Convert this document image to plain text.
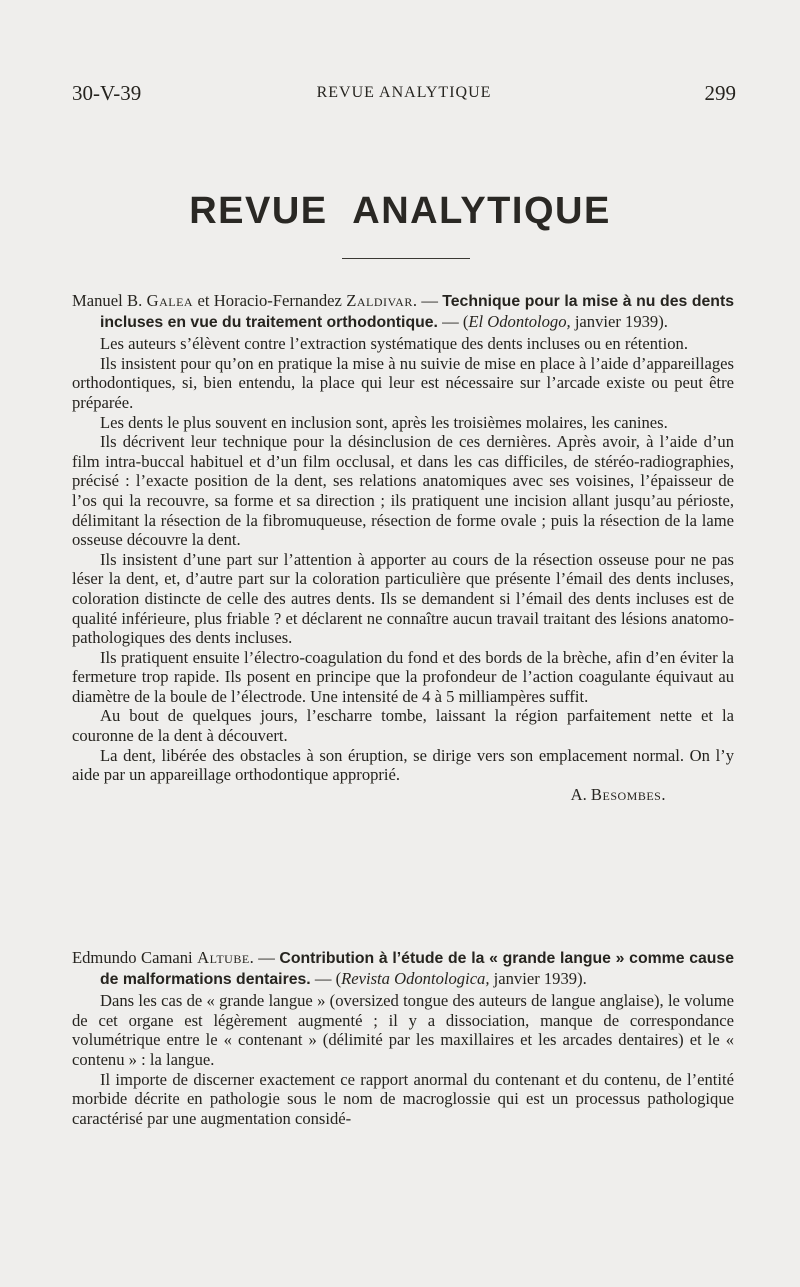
30-V-39	REVUE ANALYTIQUE	299
REVUE ANALYTIQUE

Manuel B. Galea et Horacio-Fernandez Zaldivar. — Technique pour la mise à nu des dents incluses en vue du traitement orthodontique. — (El Odontologo, janvier 1939).

Les auteurs s’élèvent contre l’extraction systématique des dents incluses ou en rétention.

Ils insistent pour qu’on en pratique la mise à nu suivie de mise en place à l’aide d’appareillages orthodontiques, si, bien entendu, la place qui leur est nécessaire sur l’arcade existe ou peut être préparée.

Les dents le plus souvent en inclusion sont, après les troisièmes molaires, les canines.

Ils décrivent leur technique pour la désinclusion de ces dernières. Après avoir, à l’aide d’un film intra-buccal habituel et d’un film occlusal, et dans les cas difficiles, de stéréo-radiographies, précisé : l’exacte position de la dent, ses relations anatomiques avec ses voisines, l’épaisseur de l’os qui la recouvre, sa forme et sa direction ; ils pratiquent une incision allant jusqu’au périoste, délimitant la résection de la fibromuqueuse, résection de forme ovale ; puis la résection de la lame osseuse découvre la dent.

Ils insistent d’une part sur l’attention à apporter au cours de la résection osseuse pour ne pas léser la dent, et, d’autre part sur la coloration particulière que présente l’émail des dents incluses, coloration distincte de celle des autres dents. Ils se demandent si l’émail des dents incluses est de qualité inférieure, plus friable ? et déclarent ne connaître aucun travail traitant des lésions anatomo-pathologiques des dents incluses.

Ils pratiquent ensuite l’électro-coagulation du fond et des bords de la brèche, afin d’en éviter la fermeture trop rapide. Ils posent en principe que la profondeur de l’action coagulante équivaut au diamètre de la boule de l’électrode. Une intensité de 4 à 5 milliampères suffit.

Au bout de quelques jours, l’escharre tombe, laissant la région parfaitement nette et la couronne de la dent à découvert.

La dent, libérée des obstacles à son éruption, se dirige vers son emplacement normal. On l’y aide par un appareillage orthodontique approprié.

A. Besombes.

Edmundo Camani Altube. — Contribution à l’étude de la « grande langue » comme cause de malformations dentaires. — (Revista Odontologica, janvier 1939).

Dans les cas de « grande langue » (oversized tongue des auteurs de langue anglaise), le volume de cet organe est légèrement augmenté ; il y a dissociation, manque de correspondance volumétrique entre le « contenant » (délimité par les maxillaires et les arcades dentaires) et le « contenu » : la langue.

Il importe de discerner exactement ce rapport anormal du contenant et du contenu, de l’entité morbide décrite en pathologie sous le nom de macroglossie qui est un processus pathologique caractérisé par une augmentation considé-
